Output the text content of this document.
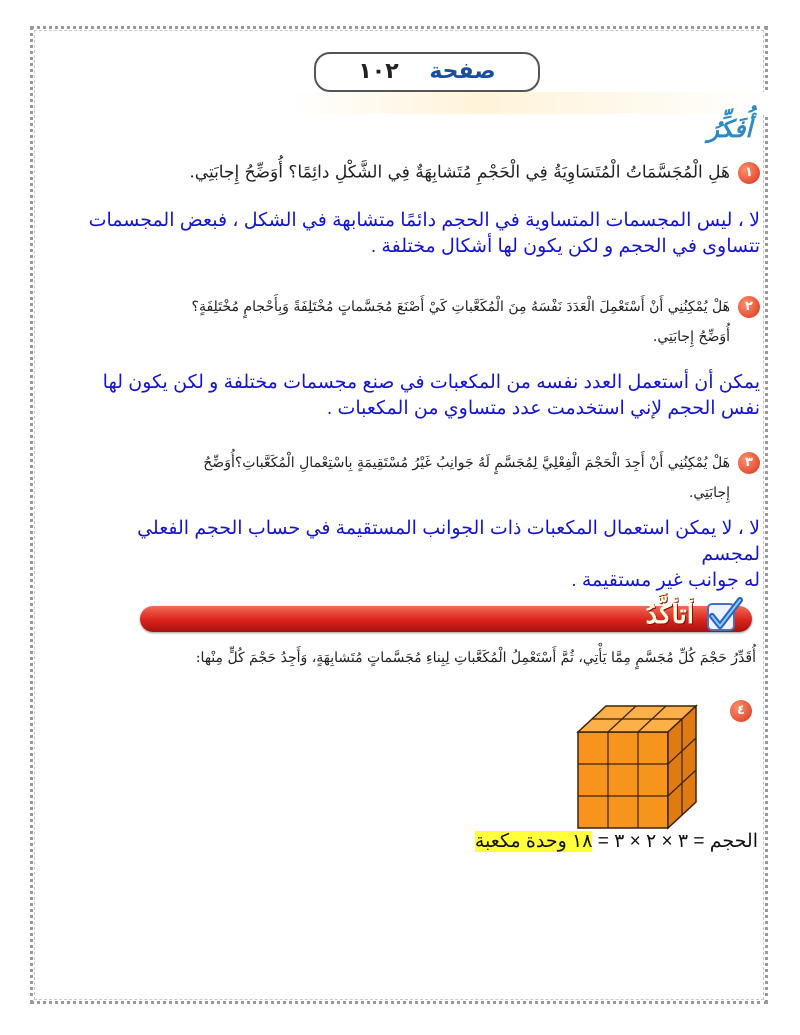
صفحة    ١٠٢
أُفَكِّرُ
١هَلِ الْمُجَسَّمَاتُ الْمُتَسَاوِيَةُ فِي الْحَجْمِ مُتَشابِهَةٌ فِي الشَّكْلِ دائِمًا؟ أُوَضِّحُ إِجابَتِي.
لا ، ليس المجسمات المتساوية في الحجم دائمًا متشابهة في الشكل ، فبعض المجسمات
تتساوى في الحجم و لكن يكون لها أشكال مختلفة .
٢هَلْ يُمْكِنُنِي أَنْ أَسْتَعْمِلَ الْعَدَدَ نَفْسَهُ مِنَ الْمُكَعَّباتِ كَيْ أَصْنَعَ مُجَسَّماتٍ مُخْتَلِفَةً وَبِأَحْجامٍ مُخْتَلِفَةٍ؟
أُوَضِّحُ إِجابَتِي.
يمكن أن أستعمل العدد نفسه من المكعبات في صنع مجسمات مختلفة و لكن يكون لها
نفس الحجم لإني استخدمت عدد متساوي من المكعبات .
٣هَلْ يُمْكِنُنِي أَنْ أَجِدَ الْحَجْمَ الْفِعْلِيَّ لِمُجَسَّمٍ لَهُ جَوانِبُ غَيْرُ مُسْتَقِيمَةٍ بِاسْتِعْمالِ الْمُكَعَّباتِ؟أُوَضِّحُ
إِجابَتِي.
لا ، لا يمكن استعمال المكعبات ذات الجوانب المستقيمة في حساب الحجم الفعلي لمجسم
له جوانب غير مستقيمة .
أتأكَّدُ
أُقَدِّرُ حَجْمَ كُلِّ مُجَسَّمٍ مِمَّا يَأْتِي، ثُمَّ أَسْتَعْمِلُ الْمُكَعَّباتِ لِبِناءِ مُجَسَّماتٍ مُتَشابِهَةٍ، وَأَجِدُ حَجْمَ كُلٍّ مِنْها:
٤
الحجم = ٣ × ٢ × ٣ = ١٨ وحدة مكعبة
